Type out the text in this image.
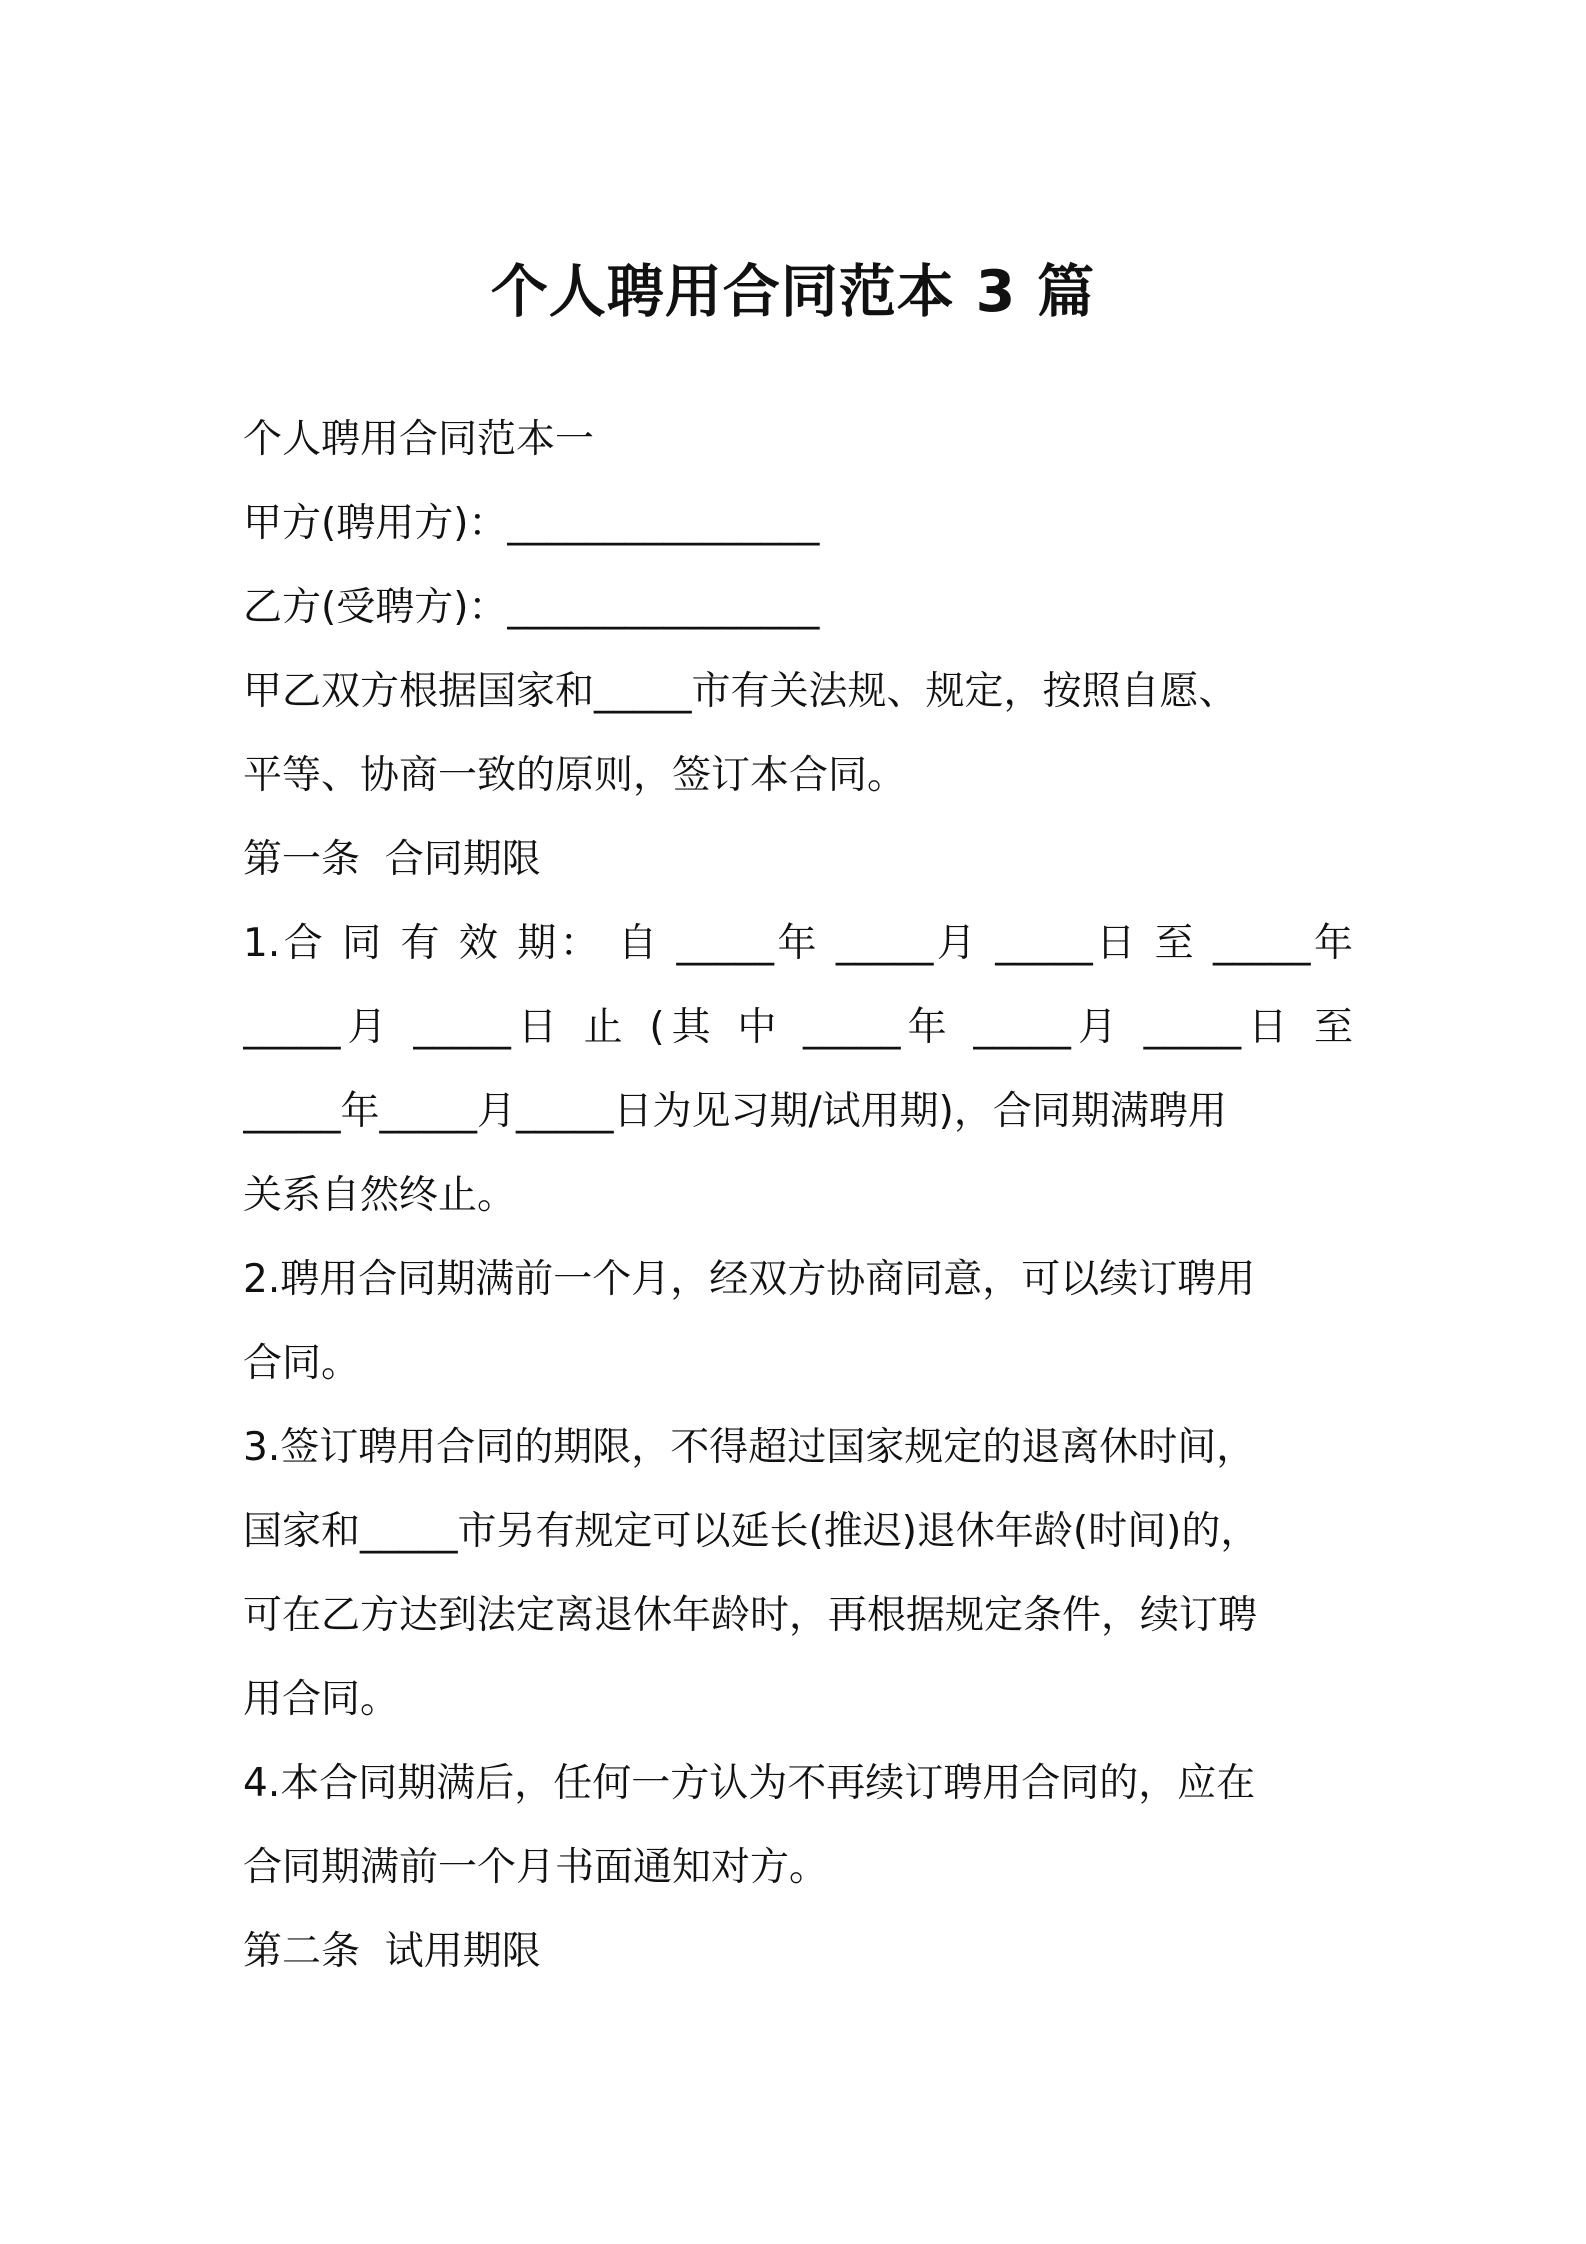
个人聘用合同范本 3 篇
个人聘用合同范本一
甲方(聘用方)：________________
乙方(受聘方)：________________
甲乙双方根据国家和_____市有关法规、规定，按照自愿、
平等、协商一致的原则，签订本合同。
第一条  合同期限
1.合 同 有 效 期： 自 _____年 _____月 _____日 至 _____年
_____月 _____日 止 (其 中 _____年 _____月 _____日 至
_____年_____月_____日为见习期/试用期)，合同期满聘用
关系自然终止。
2.聘用合同期满前一个月，经双方协商同意，可以续订聘用
合同。
3.签订聘用合同的期限，不得超过国家规定的退离休时间，
国家和_____市另有规定可以延长(推迟)退休年龄(时间)的，
可在乙方达到法定离退休年龄时，再根据规定条件，续订聘
用合同。
4.本合同期满后，任何一方认为不再续订聘用合同的，应在
合同期满前一个月书面通知对方。
第二条  试用期限
